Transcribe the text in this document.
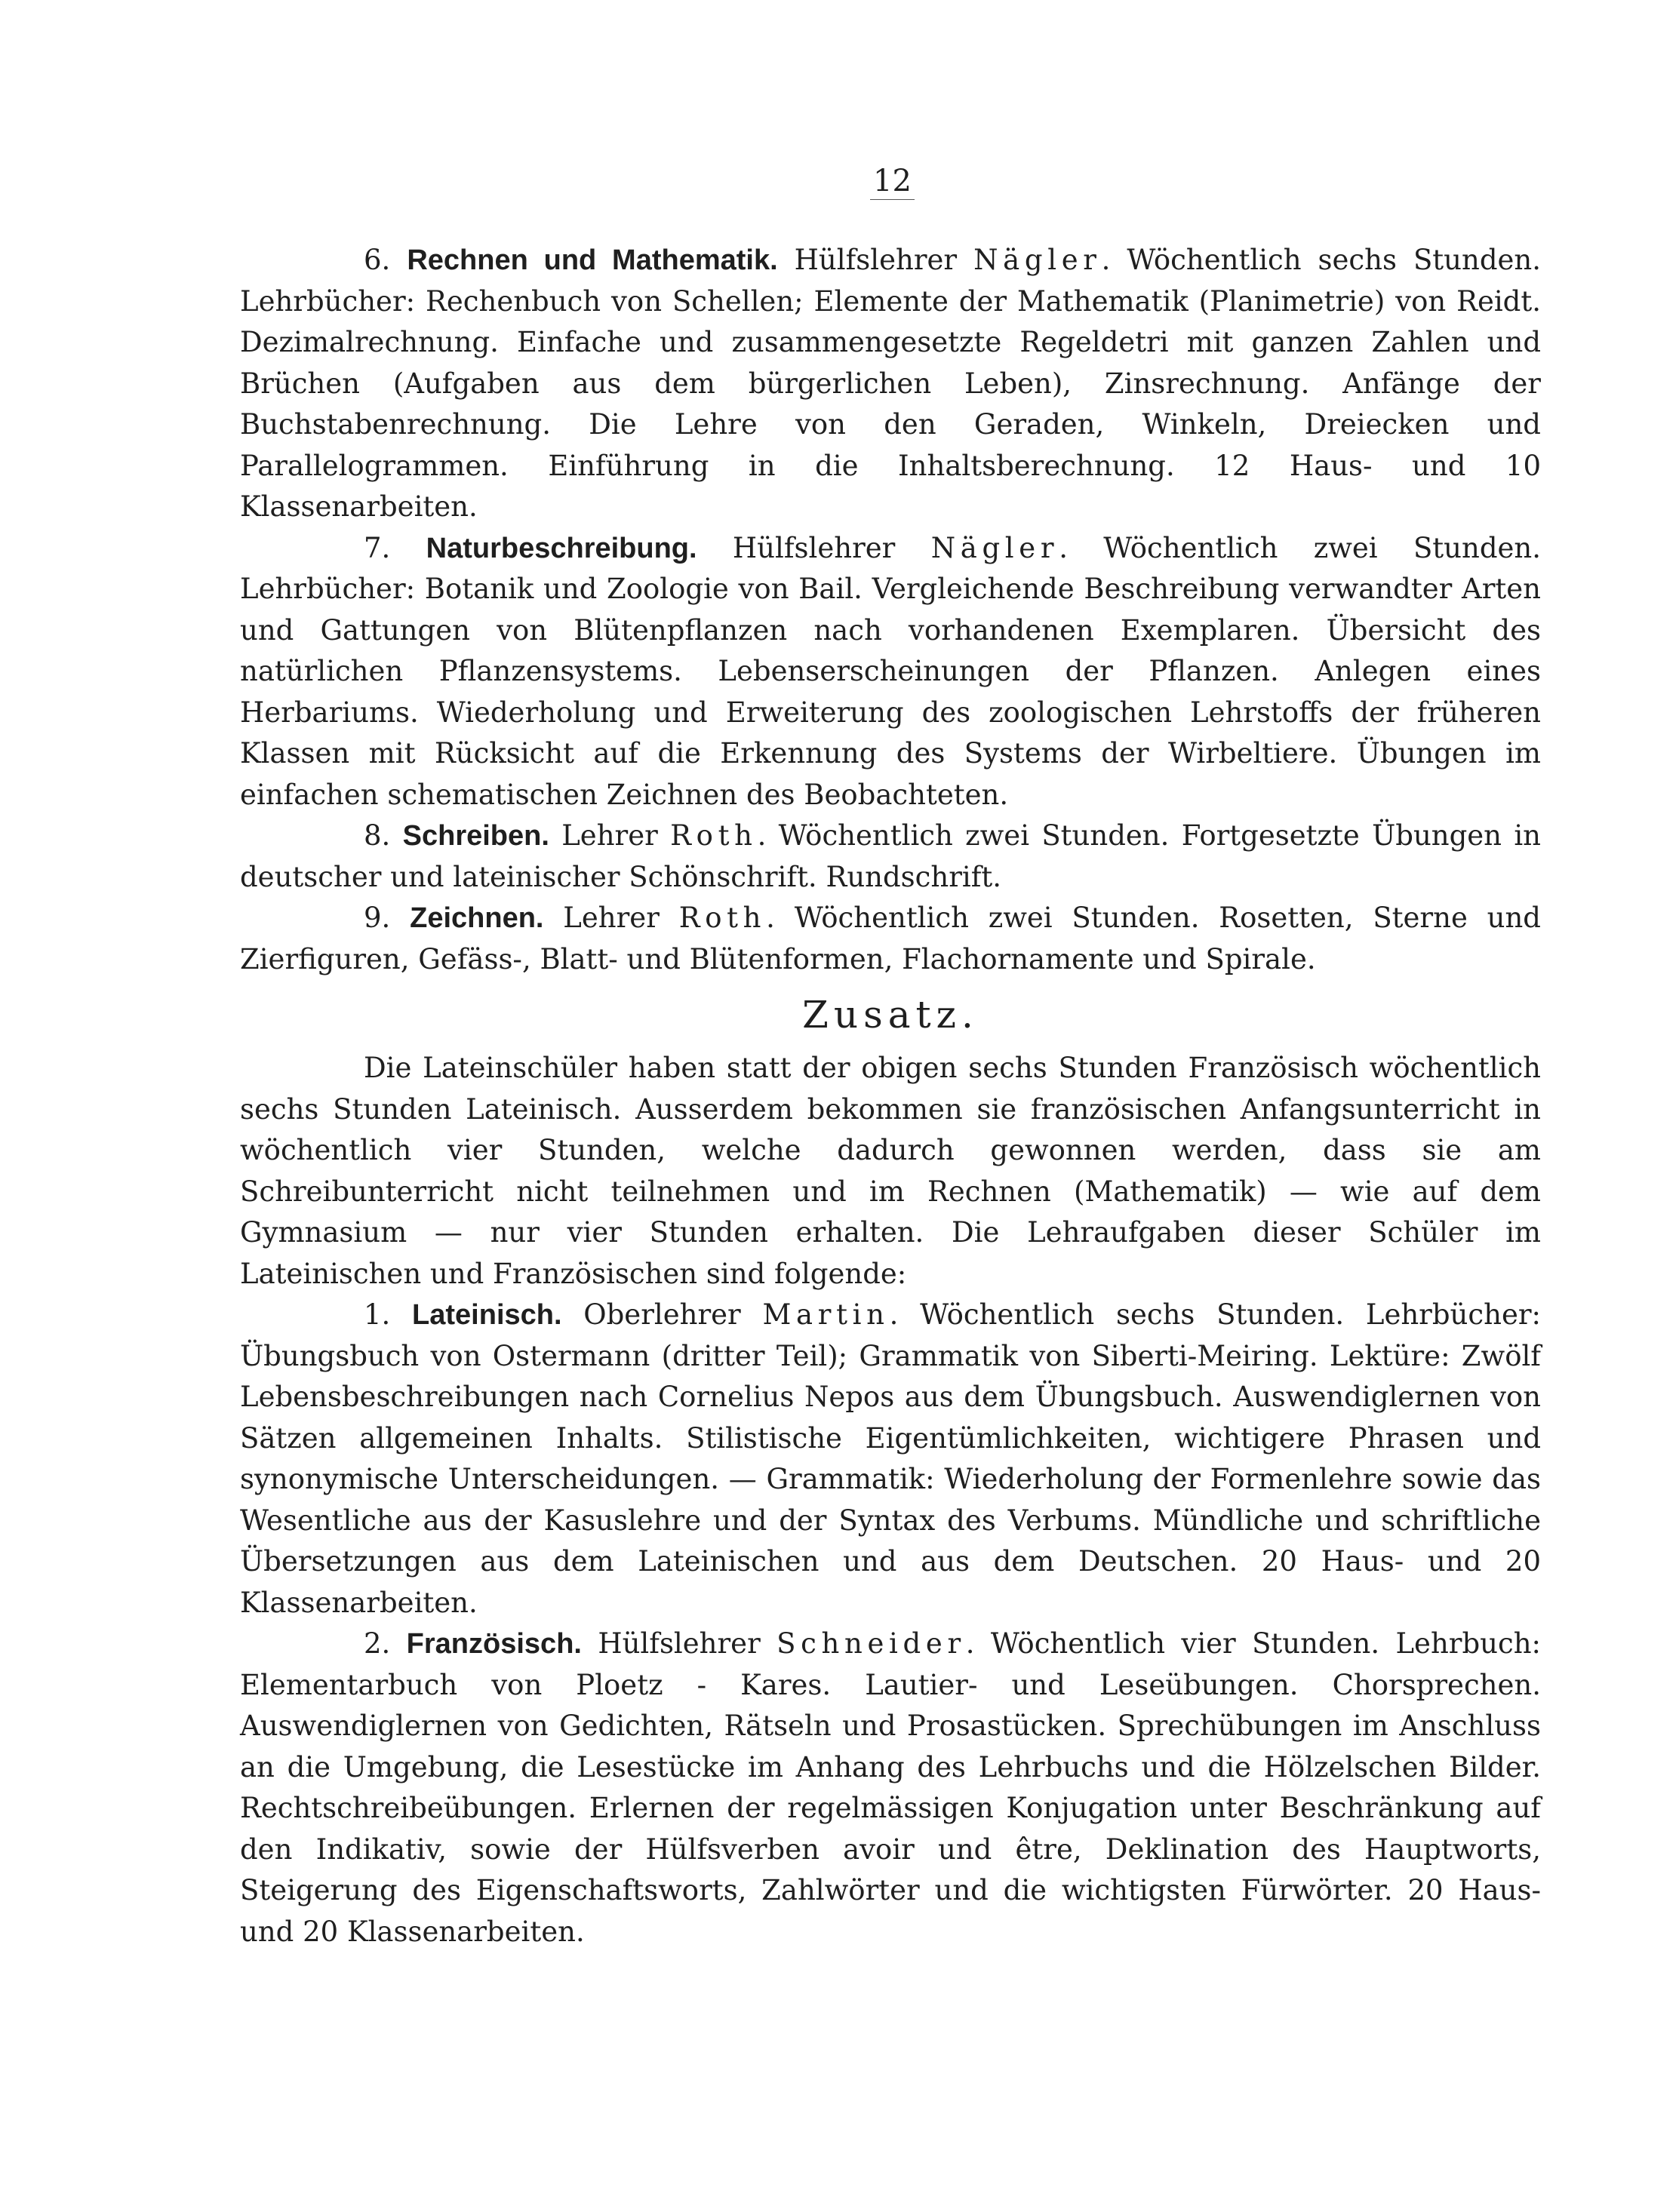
12

6. Rechnen und Mathematik. Hülfslehrer Nägler. Wöchentlich sechs Stunden. Lehrbücher: Rechenbuch von Schellen; Elemente der Mathematik (Planimetrie) von Reidt. Dezimalrechnung. Einfache und zusammengesetzte Regeldetri mit ganzen Zahlen und Brüchen (Aufgaben aus dem bürgerlichen Leben), Zinsrechnung. Anfänge der Buchstabenrechnung. Die Lehre von den Geraden, Winkeln, Dreiecken und Parallelogrammen. Einführung in die Inhaltsberechnung. 12 Haus- und 10 Klassenarbeiten.

7. Naturbeschreibung. Hülfslehrer Nägler. Wöchentlich zwei Stunden. Lehrbücher: Botanik und Zoologie von Bail. Vergleichende Beschreibung verwandter Arten und Gattungen von Blütenpflanzen nach vorhandenen Exemplaren. Übersicht des natürlichen Pflanzensystems. Lebenserscheinungen der Pflanzen. Anlegen eines Herbariums. Wiederholung und Erweiterung des zoologischen Lehrstoffs der früheren Klassen mit Rücksicht auf die Erkennung des Systems der Wirbeltiere. Übungen im einfachen schematischen Zeichnen des Beobachteten.

8. Schreiben. Lehrer Roth. Wöchentlich zwei Stunden. Fortgesetzte Übungen in deutscher und lateinischer Schönschrift. Rundschrift.

9. Zeichnen. Lehrer Roth. Wöchentlich zwei Stunden. Rosetten, Sterne und Zierfiguren, Gefäss-, Blatt- und Blütenformen, Flachornamente und Spirale.

Zusatz.

Die Lateinschüler haben statt der obigen sechs Stunden Französisch wöchentlich sechs Stunden Lateinisch. Ausserdem bekommen sie französischen Anfangsunterricht in wöchentlich vier Stunden, welche dadurch gewonnen werden, dass sie am Schreibunterricht nicht teilnehmen und im Rechnen (Mathematik) — wie auf dem Gymnasium — nur vier Stunden erhalten. Die Lehraufgaben dieser Schüler im Lateinischen und Französischen sind folgende:

1. Lateinisch. Oberlehrer Martin. Wöchentlich sechs Stunden. Lehrbücher: Übungsbuch von Ostermann (dritter Teil); Grammatik von Siberti-Meiring. Lektüre: Zwölf Lebensbeschreibungen nach Cornelius Nepos aus dem Übungsbuch. Auswendiglernen von Sätzen allgemeinen Inhalts. Stilistische Eigentümlichkeiten, wichtigere Phrasen und synonymische Unterscheidungen. — Grammatik: Wiederholung der Formenlehre sowie das Wesentliche aus der Kasuslehre und der Syntax des Verbums. Mündliche und schriftliche Übersetzungen aus dem Lateinischen und aus dem Deutschen. 20 Haus- und 20 Klassenarbeiten.

2. Französisch. Hülfslehrer Schneider. Wöchentlich vier Stunden. Lehrbuch: Elementarbuch von Ploetz - Kares. Lautier- und Leseübungen. Chorsprechen. Auswendiglernen von Gedichten, Rätseln und Prosastücken. Sprechübungen im Anschluss an die Umgebung, die Lesestücke im Anhang des Lehrbuchs und die Hölzelschen Bilder. Rechtschreibeübungen. Erlernen der regelmässigen Konjugation unter Beschränkung auf den Indikativ, sowie der Hülfsverben avoir und être, Deklination des Hauptworts, Steigerung des Eigenschaftsworts, Zahlwörter und die wichtigsten Fürwörter. 20 Haus- und 20 Klassenarbeiten.
